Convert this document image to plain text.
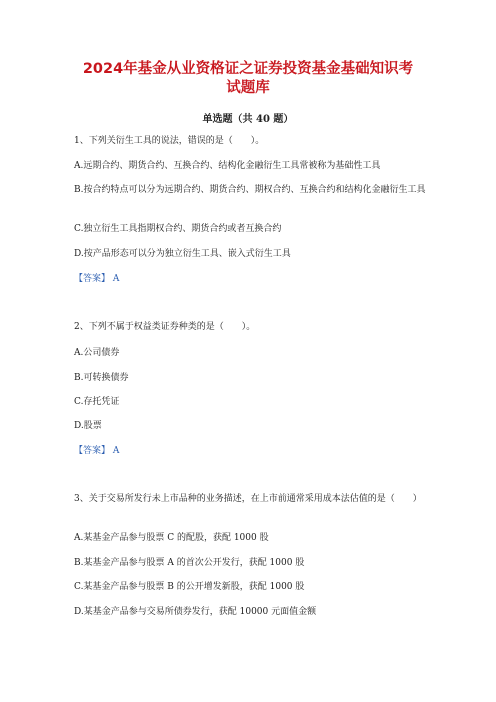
2024年基金从业资格证之证券投资基金基础知识考
试题库
单选题（共 40 题）
1、下列关衍生工具的说法，错误的是（　　）。
A.远期合约、期货合约、互换合约、结构化金融衍生工具常被称为基础性工具
B.按合约特点可以分为远期合约、期货合约、期权合约、互换合约和结构化金融衍生工具
C.独立衍生工具指期权合约、期货合约或者互换合约
D.按产品形态可以分为独立衍生工具、嵌入式衍生工具
【答案】 A
2、下列不属于权益类证券种类的是（　　）。
A.公司债券
B.可转换债券
C.存托凭证
D.股票
【答案】 A
3、关于交易所发行未上市品种的业务描述，在上市前通常采用成本法估值的是（　　）
A.某基金产品参与股票 C 的配股，获配 1000 股
B.某基金产品参与股票 A 的首次公开发行，获配 1000 股
C.某基金产品参与股票 B 的公开增发新股，获配 1000 股
D.某基金产品参与交易所债券发行，获配 10000 元面值金额
